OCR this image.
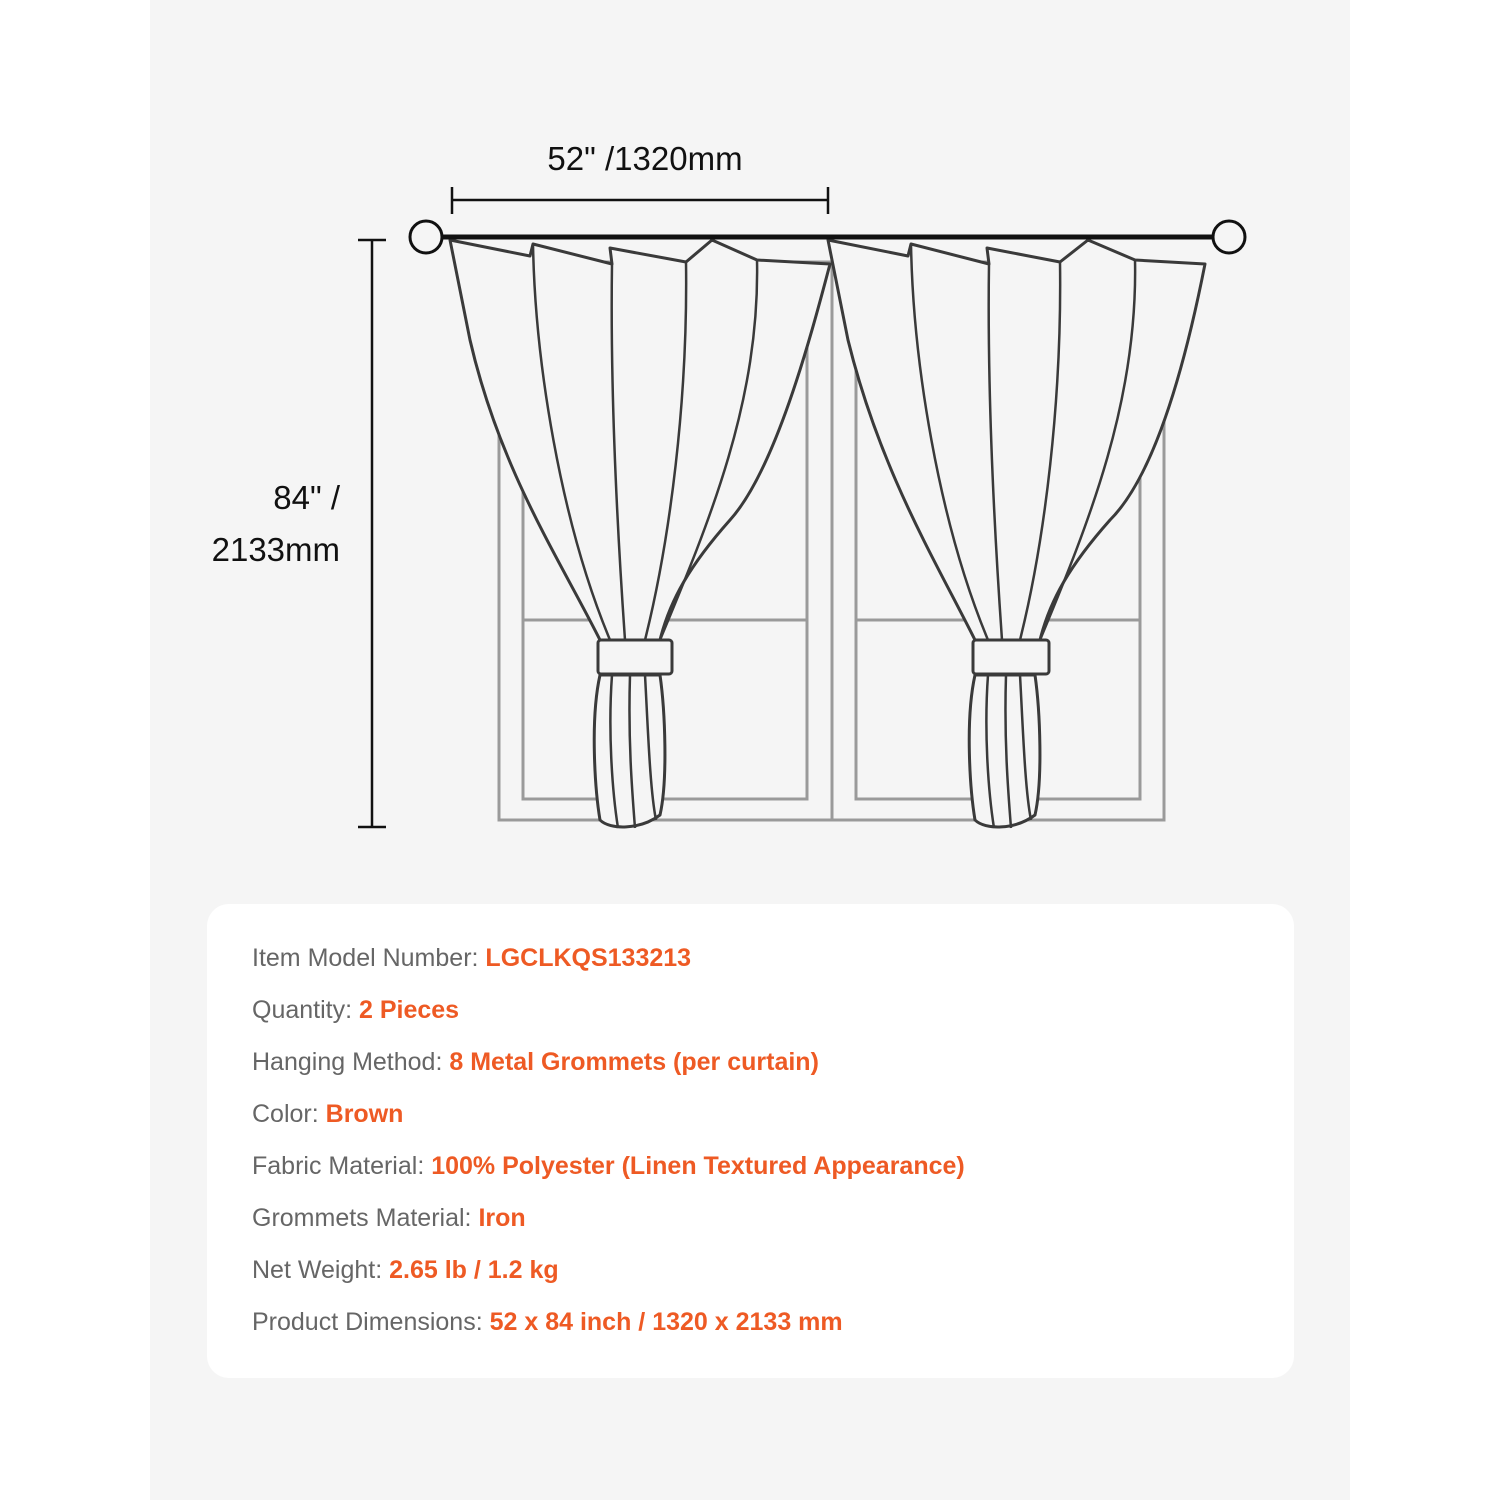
52" /1320mm
84" /
2133mm
Item Model Number: LGCLKQS133213
Quantity: 2 Pieces
Hanging Method: 8 Metal Grommets (per curtain)
Color: Brown
Fabric Material: 100% Polyester (Linen Textured Appearance)
Grommets Material: Iron
Net Weight: 2.65 lb / 1.2 kg
Product Dimensions: 52 x 84 inch / 1320 x 2133 mm
